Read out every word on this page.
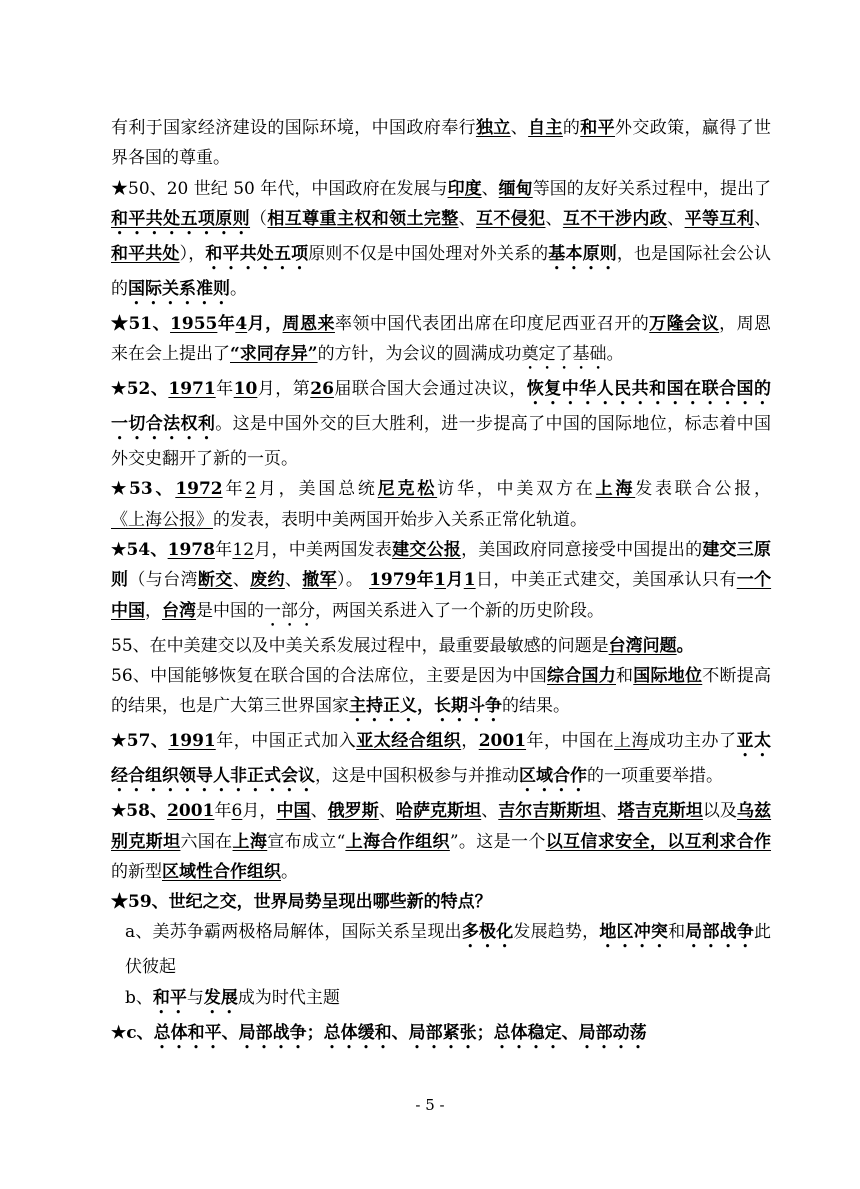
有利于国家经济建设的国际环境，中国政府奉行独立、自主的和平外交政策，赢得了世界各国的尊重。

★50、20 世纪 50 年代，中国政府在发展与印度、缅甸等国的友好关系过程中，提出了和平共处五项原则（相互尊重主权和领土完整、互不侵犯、互不干涉内政、平等互利、和平共处），和平共处五项原则不仅是中国处理对外关系的基本原则，也是国际社会公认的国际关系准则。

★51、1955年4月，周恩来率领中国代表团出席在印度尼西亚召开的万隆会议，周恩来在会上提出了“求同存异”的方针，为会议的圆满成功奠定了基础。

★52、1971年10月，第26届联合国大会通过决议，恢复中华人民共和国在联合国的一切合法权利。这是中国外交的巨大胜利，进一步提高了中国的国际地位，标志着中国外交史翻开了新的一页。

★53、1972年2月，美国总统尼克松访华，中美双方在上海发表联合公报，《上海公报》的发表，表明中美两国开始步入关系正常化轨道。

★54、1978年12月，中美两国发表建交公报，美国政府同意接受中国提出的建交三原则（与台湾断交、废约、撤军）。 1979年1月1日，中美正式建交，美国承认只有一个中国，台湾是中国的一部分，两国关系进入了一个新的历史阶段。

55、在中美建交以及中美关系发展过程中，最重要最敏感的问题是台湾问题。

56、中国能够恢复在联合国的合法席位，主要是因为中国综合国力和国际地位不断提高的结果，也是广大第三世界国家主持正义，长期斗争的结果。

★57、1991年，中国正式加入亚太经合组织，2001年，中国在上海成功主办了亚太经合组织领导人非正式会议，这是中国积极参与并推动区域合作的一项重要举措。

★58、2001年6月，中国、俄罗斯、哈萨克斯坦、吉尔吉斯斯坦、塔吉克斯坦以及乌兹别克斯坦六国在上海宣布成立“上海合作组织”。这是一个以互信求安全，以互利求合作的新型区域性合作组织。

★59、世纪之交，世界局势呈现出哪些新的特点？

a、美苏争霸两极格局解体，国际关系呈现出多极化发展趋势，地区冲突和局部战争此伏彼起

b、和平与发展成为时代主题

★c、总体和平、局部战争；总体缓和、局部紧张；总体稳定、局部动荡

- 5 -
